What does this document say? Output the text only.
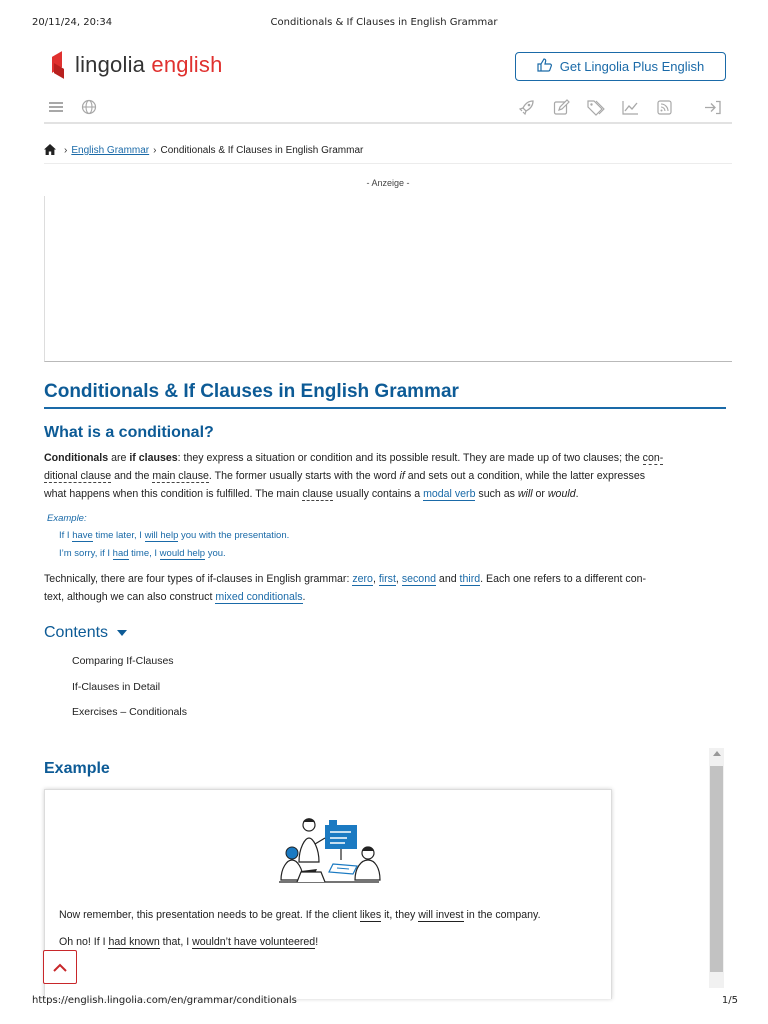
20/11/24, 20:34	Conditionals & If Clauses in English Grammar
lingolia english	Get Lingolia Plus English
› English Grammar › Conditionals & If Clauses in English Grammar
- Anzeige -
Conditionals & If Clauses in English Grammar
What is a conditional?
Conditionals are if clauses: they express a situation or condition and its possible result. They are made up of two clauses; the con-
ditional clause and the main clause. The former usually starts with the word if and sets out a condition, while the latter expresses
what happens when this condition is fulfilled. The main clause usually contains a modal verb such as will or would.
Example:
If I have time later, I will help you with the presentation.
I’m sorry, if I had time, I would help you.
Technically, there are four types of if-clauses in English grammar: zero, first, second and third. Each one refers to a different con-
text, although we can also construct mixed conditionals.
Contents
Comparing If-Clauses
If-Clauses in Detail
Exercises – Conditionals
Example
Now remember, this presentation needs to be great. If the client likes it, they will invest in the company.
Oh no! If I had known that, I wouldn’t have volunteered!
https://english.lingolia.com/en/grammar/conditionals	1/5
